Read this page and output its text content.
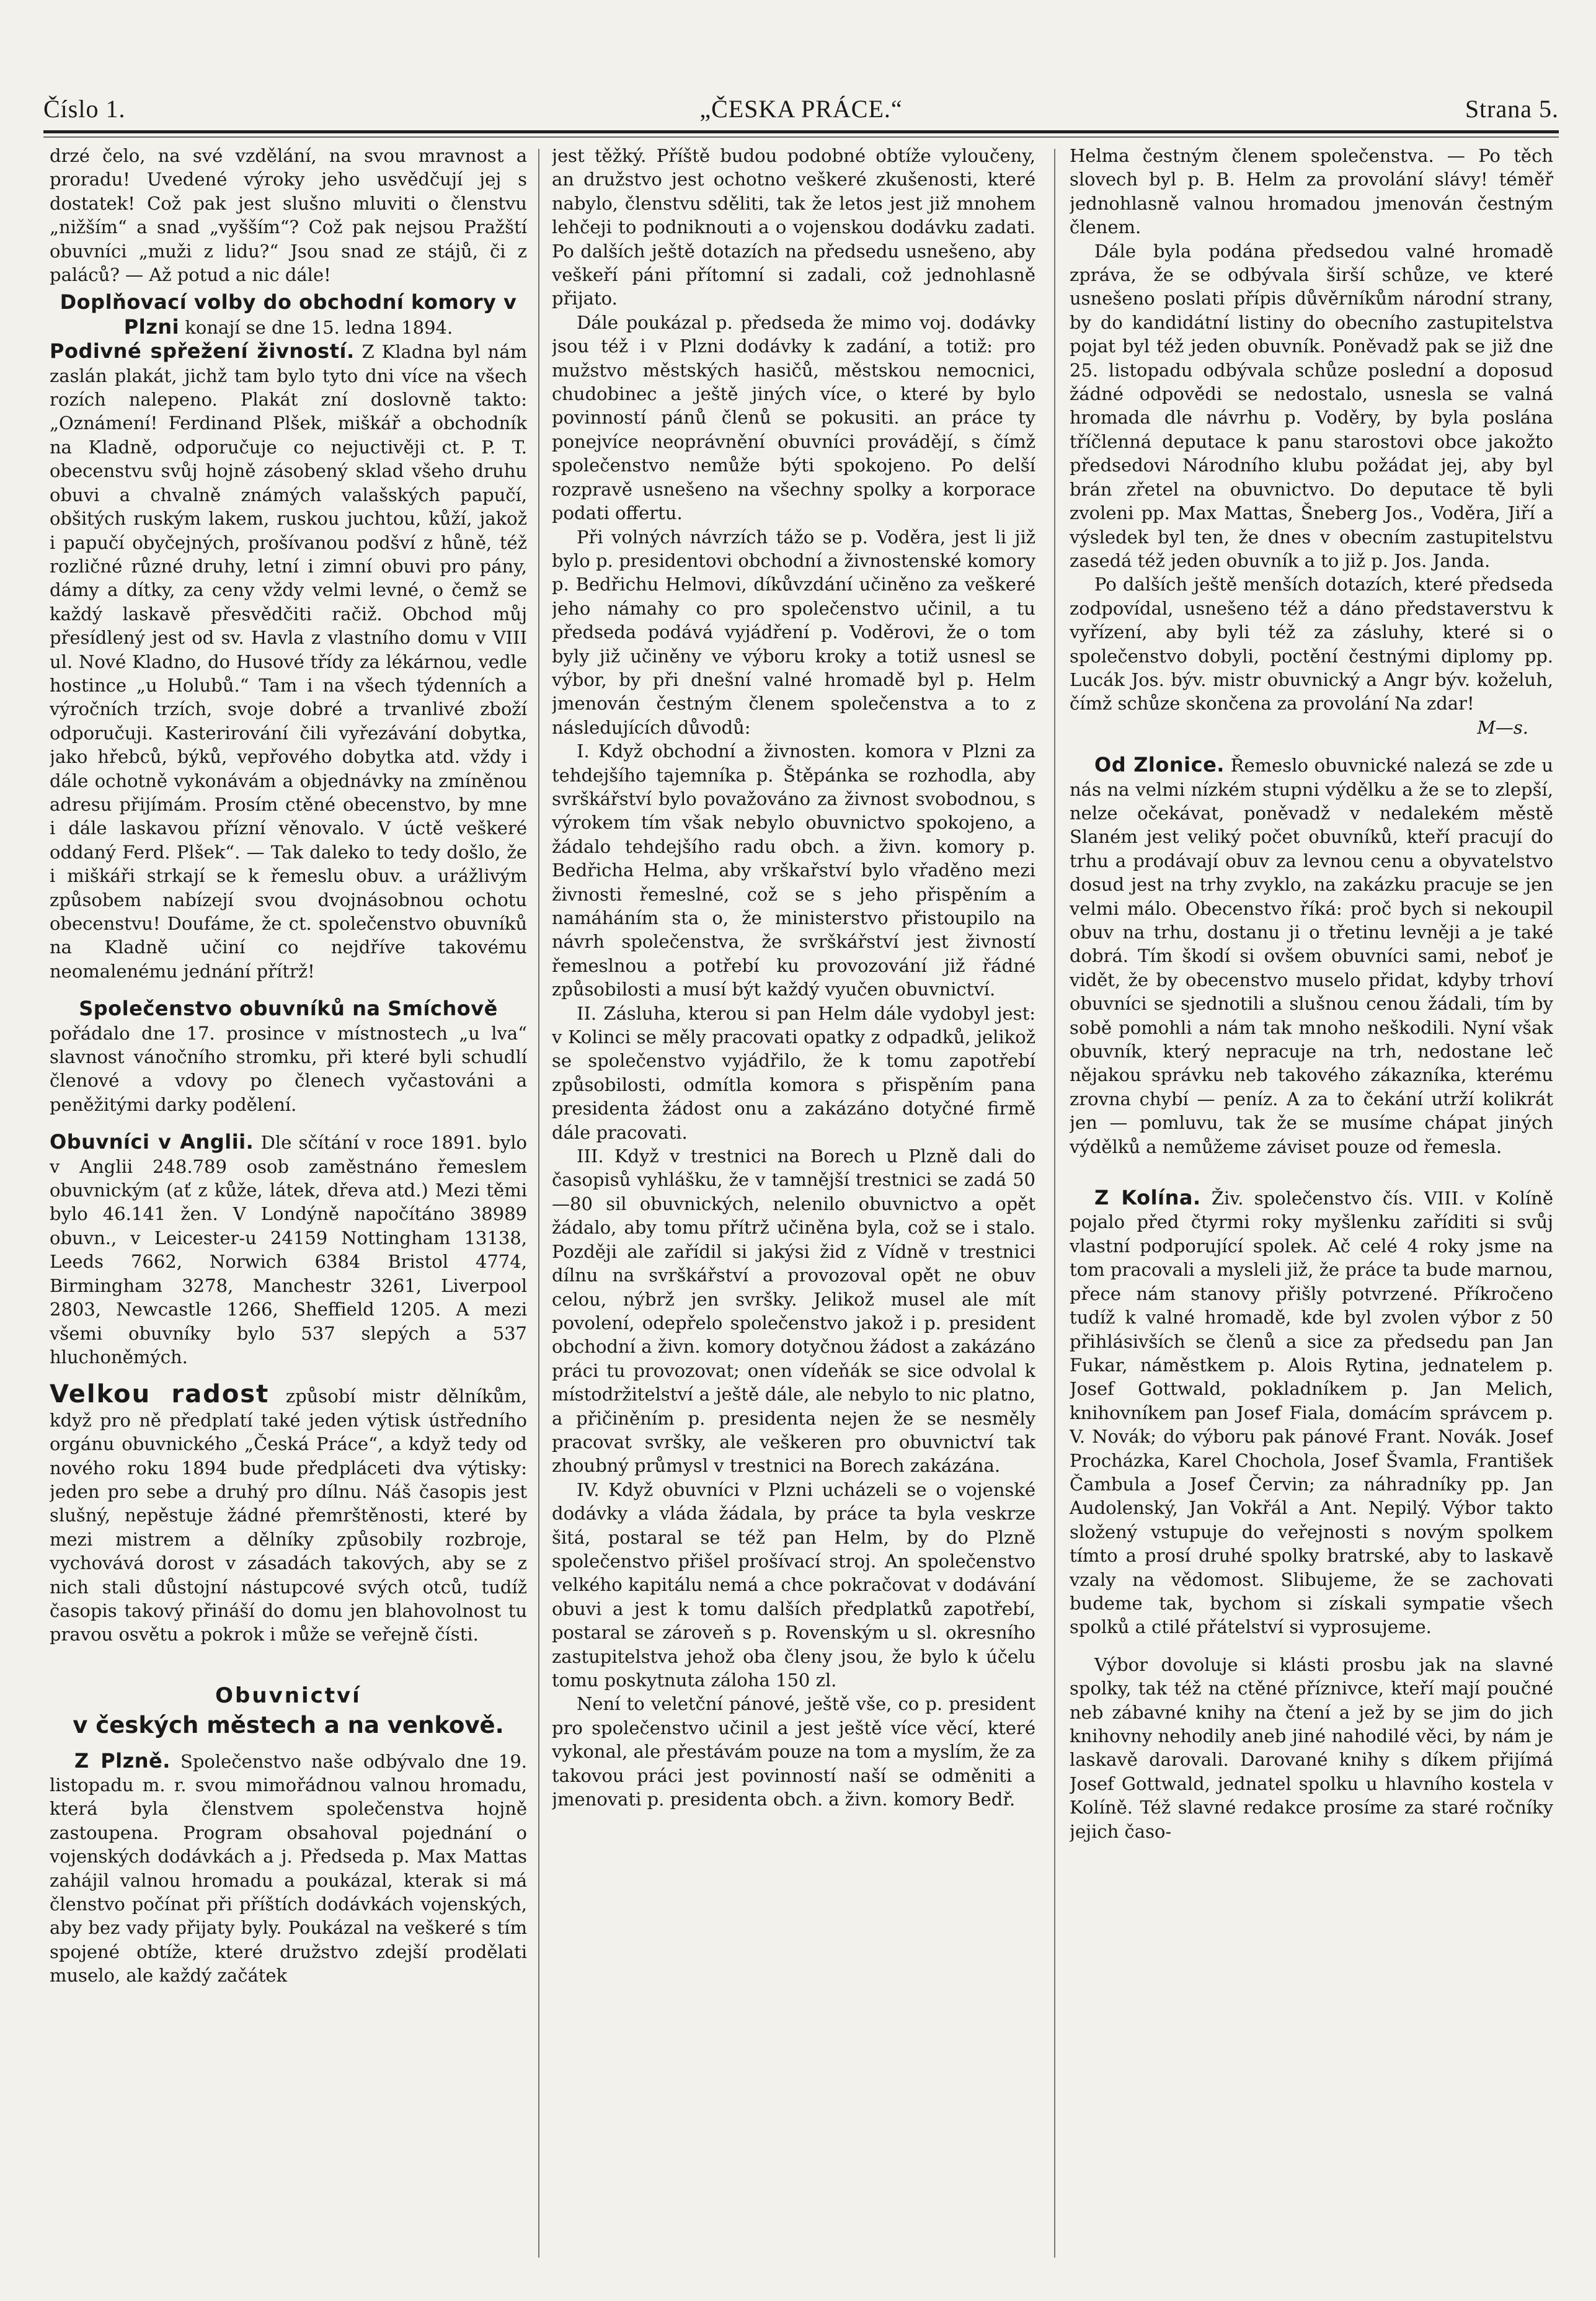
Číslo 1.	„ČESKA PRÁCE.“	Strana 5.

drzé čelo, na své vzdělání, na svou mravnost a proradu! Uvedené výroky jeho usvědčují jej s dostatek! Což pak jest slušno mluviti o členstvu „nižším“ a snad „vyšším“? Což pak nejsou Pražští obuvníci „muži z lidu?“ Jsou snad ze stájů, či z paláců? — Až potud a nic dále!

Doplňovací volby do obchodní komory v Plzni konají se dne 15. ledna 1894.

Podivné spřežení živností. Z Kladna byl nám zaslán plakát, jichž tam bylo tyto dni více na všech rozích nalepeno. Plakát zní doslovně takto: „Oznámení! Ferdinand Plšek, miškář a obchodník na Kladně, odporučuje co nejuctivěji ct. P. T. obecenstvu svůj hojně zásobený sklad všeho druhu obuvi a chvalně známých valašských papučí, obšitých ruským lakem, ruskou juchtou, kůží, jakož i papučí obyčejných, prošívanou podšví z hůně, též rozličné různé druhy, letní i zimní obuvi pro pány, dámy a dítky, za ceny vždy velmi levné, o čemž se každý laskavě přesvědčiti račiž. Obchod můj přesídlený jest od sv. Havla z vlastního domu v VIII ul. Nové Kladno, do Husové třídy za lékárnou, vedle hostince „u Holubů.“ Tam i na všech týdenních a výročních trzích, svoje dobré a trvanlivé zboží odporučuji. Kasterirování čili vyřezávání dobytka, jako hřebců, býků, vepřového dobytka atd. vždy i dále ochotně vykonávám a objednávky na zmíněnou adresu přijímám. Prosím ctěné obecenstvo, by mne i dále laskavou přízní věnovalo. V úctě veškeré oddaný Ferd. Plšek“. — Tak daleko to tedy došlo, že i miškáři strkají se k řemeslu obuv. a urážlivým způsobem nabízejí svou dvojnásobnou ochotu obecenstvu! Doufáme, že ct. společenstvo obuvníků na Kladně učiní co nejdříve takovému neomalenému jednání přítrž!

Společenstvo obuvníků na Smíchově

pořádalo dne 17. prosince v místnostech „u lva“ slavnost vánočního stromku, při které byli schudlí členové a vdovy po členech vyčastováni a peněžitými darky podělení.

Obuvníci v Anglii. Dle sčítání v roce 1891. bylo v Anglii 248.789 osob zaměstnáno řemeslem obuvnickým (ať z kůže, látek, dřeva atd.) Mezi těmi bylo 46.141 žen. V Londýně napočítáno 38989 obuvn., v Leicester-u 24159 Nottingham 13138, Leeds 7662, Norwich 6384 Bristol 4774, Birmingham 3278, Manchestr 3261, Liverpool 2803, Newcastle 1266, Sheffield 1205. A mezi všemi obuvníky bylo 537 slepých a 537 hluchoněmých.

Velkou radost způsobí mistr dělníkům, když pro ně předplatí také jeden výtisk ústředního orgánu obuvnického „Česká Práce“, a když tedy od nového roku 1894 bude předpláceti dva výtisky: jeden pro sebe a druhý pro dílnu. Náš časopis jest slušný, nepěstuje žádné přemrštěnosti, které by mezi mistrem a dělníky způsobily rozbroje, vychovává dorost v zásadách takových, aby se z nich stali důstojní nástupcové svých otců, tudíž časopis takový přináší do domu jen blahovolnost tu pravou osvětu a pokrok i může se veřejně čísti.

Obuvnictví
v českých městech a na venkově.

Z Plzně. Společenstvo naše odbývalo dne 19. listopadu m. r. svou mimořádnou valnou hromadu, která byla členstvem společenstva hojně zastoupena. Program obsahoval pojednání o vojenských dodávkách a j. Předseda p. Max Mattas zahájil valnou hromadu a poukázal, kterak si má členstvo počínat při příštích dodávkách vojenských, aby bez vady přijaty byly. Poukázal na veškeré s tím spojené obtíže, které družstvo zdejší prodělati muselo, ale každý začátek

jest těžký. Příště budou podobné obtíže vyloučeny, an družstvo jest ochotno veškeré zkušenosti, které nabylo, členstvu sděliti, tak že letos jest již mnohem lehčeji to podniknouti a o vojenskou dodávku zadati. Po dalších ještě dotazích na předsedu usnešeno, aby veškeří páni přítomní si zadali, což jednohlasně přijato.

Dále poukázal p. předseda že mimo voj. dodávky jsou též i v Plzni dodávky k zadání, a totiž: pro mužstvo městských hasičů, městskou nemocnici, chudobinec a ještě jiných více, o které by bylo povinností pánů členů se pokusiti. an práce ty ponejvíce neoprávnění obuvníci provádějí, s čímž společenstvo nemůže býti spokojeno. Po delší rozpravě usnešeno na všechny spolky a korporace podati offertu.

Při volných návrzích tážo se p. Voděra, jest li již bylo p. presidentovi obchodní a živnostenské komory p. Bedřichu Helmovi, díkůvzdání učiněno za veškeré jeho námahy co pro společenstvo učinil, a tu předseda podává vyjádření p. Voděrovi, že o tom byly již učiněny ve výboru kroky a totiž usnesl se výbor, by při dnešní valné hromadě byl p. Helm jmenován čestným členem společenstva a to z následujících důvodů:

I. Když obchodní a živnosten. komora v Plzni za tehdejšího tajemníka p. Štěpánka se rozhodla, aby svrškářství bylo považováno za živnost svobodnou, s výrokem tím však nebylo obuvnictvo spokojeno, a žádalo tehdejšího radu obch. a živn. komory p. Bedřicha Helma, aby vrškařství bylo vřaděno mezi živnosti řemeslné, což se s jeho přispěním a namáháním sta o, že ministerstvo přistoupilo na návrh společenstva, že svrškářství jest živností řemeslnou a potřebí ku provozování již řádné způsobilosti a musí být každý vyučen obuvnictví.

II. Zásluha, kterou si pan Helm dále vydobyl jest: v Kolinci se měly pracovati opatky z odpadků, jelikož se společenstvo vyjádřilo, že k tomu zapotřebí způsobilosti, odmítla komora s přispěním pana presidenta žádost onu a zakázáno dotyčné firmě dále pracovati.

III. Když v trestnici na Borech u Plzně dali do časopisů vyhlášku, že v tamnější trestnici se zadá 50—80 sil obuvnických, nelenilo obuvnictvo a opět žádalo, aby tomu přítrž učiněna byla, což se i stalo. Později ale zařídil si jakýsi žid z Vídně v trestnici dílnu na svrškářství a provozoval opět ne obuv celou, nýbrž jen svršky. Jelikož musel ale mít povolení, odepřelo společenstvo jakož i p. president obchodní a živn. komory dotyčnou žádost a zakázáno práci tu provozovat; onen vídeňák se sice odvolal k místodržitelství a ještě dále, ale nebylo to nic platno, a přičiněním p. presidenta nejen že se nesměly pracovat svršky, ale veškeren pro obuvnictví tak zhoubný průmysl v trestnici na Borech zakázána.

IV. Když obuvníci v Plzni ucházeli se o vojenské dodávky a vláda žádala, by práce ta byla veskrze šitá, postaral se též pan Helm, by do Plzně společenstvo přišel prošívací stroj. An společenstvo velkého kapitálu nemá a chce pokračovat v dodávání obuvi a jest k tomu dalších předplatků zapotřebí, postaral se zároveň s p. Rovenským u sl. okresního zastupitelstva jehož oba členy jsou, že bylo k účelu tomu poskytnuta záloha 150 zl.

Není to veletční pánové, ještě vše, co p. president pro společenstvo učinil a jest ještě více věcí, které vykonal, ale přestávám pouze na tom a myslím, že za takovou práci jest povinností naší se odměniti a jmenovati p. presidenta obch. a živn. komory Bedř.

Helma čestným členem společenstva. — Po těch slovech byl p. B. Helm za provolání slávy! téměř jednohlasně valnou hromadou jmenován čestným členem.

Dále byla podána předsedou valné hromadě zpráva, že se odbývala širší schůze, ve které usnešeno poslati přípis důvěrníkům národní strany, by do kandidátní listiny do obecního zastupitelstva pojat byl též jeden obuvník. Poněvadž pak se již dne 25. listopadu odbývala schůze poslední a doposud žádné odpovědi se nedostalo, usnesla se valná hromada dle návrhu p. Voděry, by byla poslána tříčlenná deputace k panu starostovi obce jakožto předsedovi Národního klubu požádat jej, aby byl brán zřetel na obuvnictvo. Do deputace tě byli zvoleni pp. Max Mattas, Šneberg Jos., Voděra, Jiří a výsledek byl ten, že dnes v obecním zastupitelstvu zasedá též jeden obuvník a to již p. Jos. Janda.

Po dalších ještě menších dotazích, které předseda zodpovídal, usnešeno též a dáno představerstvu k vyřízení, aby byli též za zásluhy, které si o společenstvo dobyli, poctění čestnými diplomy pp. Lucák Jos. býv. mistr obuvnický a Angr býv. koželuh, čímž schůze skončena za provolání Na zdar!

M—s.

Od Zlonice. Řemeslo obuvnické nalezá se zde u nás na velmi nízkém stupni výdělku a že se to zlepší, nelze očekávat, poněvadž v nedalekém městě Slaném jest veliký počet obuvníků, kteří pracují do trhu a prodávají obuv za levnou cenu a obyvatelstvo dosud jest na trhy zvyklo, na zakázku pracuje se jen velmi málo. Obecenstvo říká: proč bych si nekoupil obuv na trhu, dostanu ji o třetinu levněji a je také dobrá. Tím škodí si ovšem obuvníci sami, neboť je vidět, že by obecenstvo muselo přidat, kdyby trhoví obuvníci se sjednotili a slušnou cenou žádali, tím by sobě pomohli a nám tak mnoho neškodili. Nyní však obuvník, který nepracuje na trh, nedostane leč nějakou správku neb takového zákazníka, kterému zrovna chybí — peníz. A za to čekání utrží kolikrát jen — pomluvu, tak že se musíme chápat jiných výdělků a nemůžeme záviset pouze od řemesla.

Z Kolína. Živ. společenstvo čís. VIII. v Kolíně pojalo před čtyrmi roky myšlenku zaříditi si svůj vlastní podporující spolek. Ač celé 4 roky jsme na tom pracovali a mysleli již, že práce ta bude marnou, přece nám stanovy přišly potvrzené. Příkročeno tudíž k valné hromadě, kde byl zvolen výbor z 50 přihlásivších se členů a sice za předsedu pan Jan Fukar, náměstkem p. Alois Rytina, jednatelem p. Josef Gottwald, pokladníkem p. Jan Melich, knihovníkem pan Josef Fiala, domácím správcem p. V. Novák; do výboru pak pánové Frant. Novák. Josef Procházka, Karel Chochola, Josef Švamla, František Čambula a Josef Červin; za náhradníky pp. Jan Audolenský, Jan Vokřál a Ant. Nepilý. Výbor takto složený vstupuje do veřejnosti s novým spolkem tímto a prosí druhé spolky bratrské, aby to laskavě vzaly na vědomost. Slibujeme, že se zachovati budeme tak, bychom si získali sympatie všech spolků a ctilé přátelství si vyprosujeme.

Výbor dovoluje si klásti prosbu jak na slavné spolky, tak též na ctěné příznivce, kteří mají poučné neb zábavné knihy na čtení a jež by se jim do jich knihovny nehodily aneb jiné nahodilé věci, by nám je laskavě darovali. Darované knihy s díkem přijímá Josef Gottwald, jednatel spolku u hlavního kostela v Kolíně. Též slavné redakce prosíme za staré ročníky jejich časo-
